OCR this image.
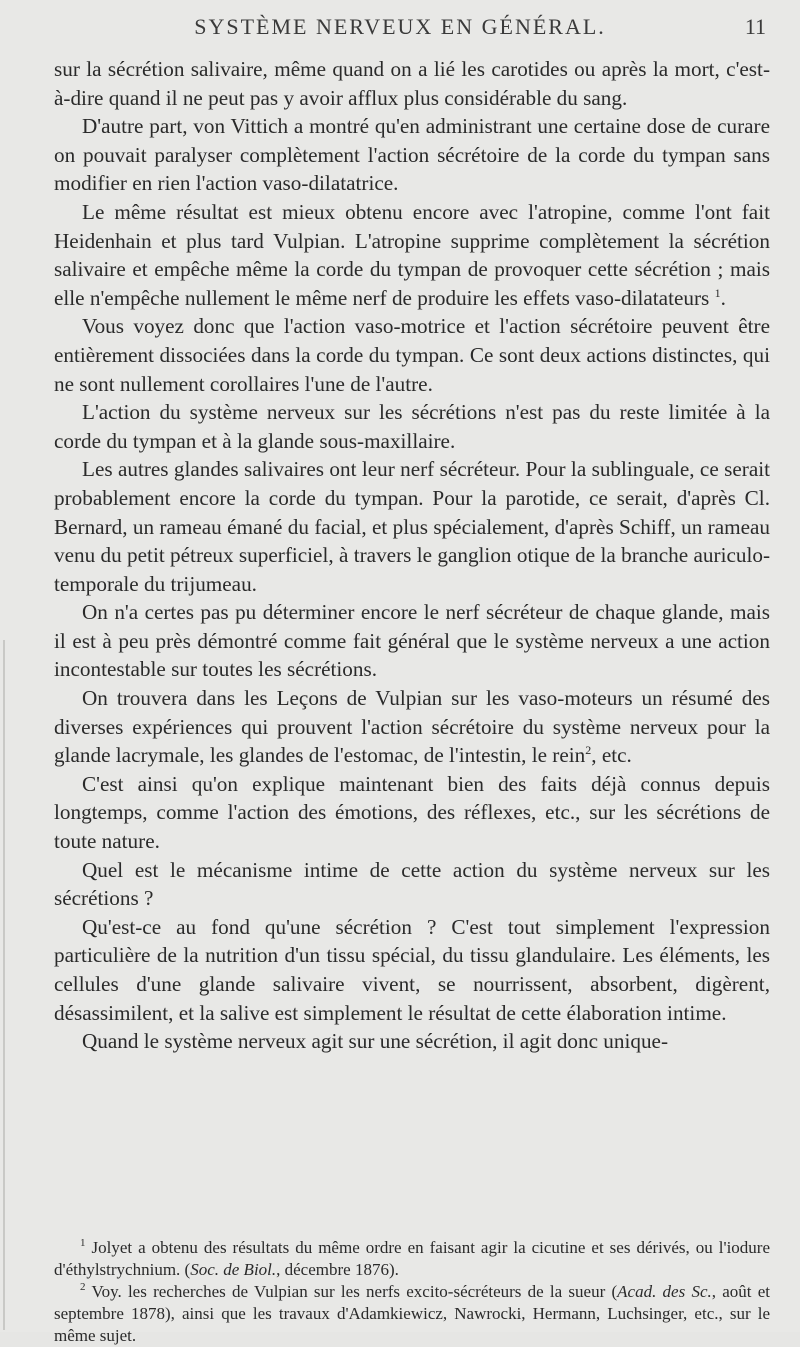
SYSTÈME NERVEUX EN GÉNÉRAL.	11

sur la sécrétion salivaire, même quand on a lié les carotides ou après la mort, c'est-à-dire quand il ne peut pas y avoir afflux plus considérable du sang.

D'autre part, von Vittich a montré qu'en administrant une certaine dose de curare on pouvait paralyser complètement l'action sécrétoire de la corde du tympan sans modifier en rien l'action vaso-dilatatrice.

Le même résultat est mieux obtenu encore avec l'atropine, comme l'ont fait Heidenhain et plus tard Vulpian. L'atropine supprime complètement la sécrétion salivaire et empêche même la corde du tympan de provoquer cette sécrétion ; mais elle n'empêche nullement le même nerf de produire les effets vaso-dilatateurs $^1$.

Vous voyez donc que l'action vaso-motrice et l'action sécrétoire peuvent être entièrement dissociées dans la corde du tympan. Ce sont deux actions distinctes, qui ne sont nullement corollaires l'une de l'autre.

L'action du système nerveux sur les sécrétions n'est pas du reste limitée à la corde du tympan et à la glande sous-maxillaire.

Les autres glandes salivaires ont leur nerf sécréteur. Pour la sublinguale, ce serait probablement encore la corde du tympan. Pour la parotide, ce serait, d'après Cl. Bernard, un rameau émané du facial, et plus spécialement, d'après Schiff, un rameau venu du petit pétreux superficiel, à travers le ganglion otique de la branche auriculo-temporale du trijumeau.

On n'a certes pas pu déterminer encore le nerf sécréteur de chaque glande, mais il est à peu près démontré comme fait général que le système nerveux a une action incontestable sur toutes les sécrétions.

On trouvera dans les Leçons de Vulpian sur les vaso-moteurs un résumé des diverses expériences qui prouvent l'action sécrétoire du système nerveux pour la glande lacrymale, les glandes de l'estomac, de l'intestin, le rein$^2$, etc.

C'est ainsi qu'on explique maintenant bien des faits déjà connus depuis longtemps, comme l'action des émotions, des réflexes, etc., sur les sécrétions de toute nature.

Quel est le mécanisme intime de cette action du système nerveux sur les sécrétions ?

Qu'est-ce au fond qu'une sécrétion ? C'est tout simplement l'expression particulière de la nutrition d'un tissu spécial, du tissu glandulaire. Les éléments, les cellules d'une glande salivaire vivent, se nourrissent, absorbent, digèrent, désassimilent, et la salive est simplement le résultat de cette élaboration intime.

Quand le système nerveux agit sur une sécrétion, il agit donc unique-

$^1$ Jolyet a obtenu des résultats du même ordre en faisant agir la cicutine et ses dérivés, ou l'iodure d'éthylstrychnium. (Soc. de Biol., décembre 1876).

$^2$ Voy. les recherches de Vulpian sur les nerfs excito-sécréteurs de la sueur (Acad. des Sc., août et septembre 1878), ainsi que les travaux d'Adamkiewicz, Nawrocki, Hermann, Luchsinger, etc., sur le même sujet.
